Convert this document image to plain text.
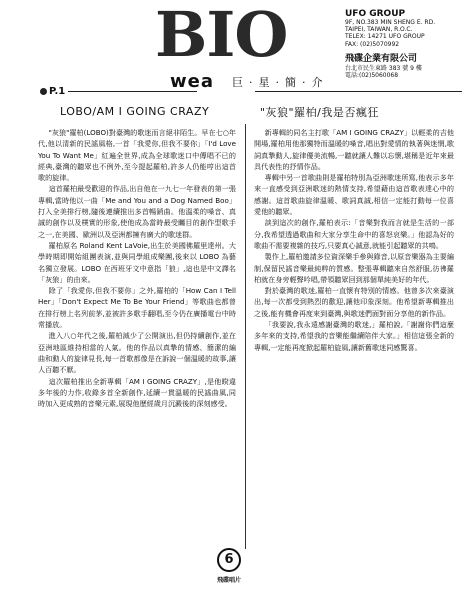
BIO
wea 巨·星·簡·介
UFO GROUP
9F, NO.383 MIN SHENG E. RD.
TAIPEI, TAIWAN, R.O.C.
TELEX: 14271 UFO GROUP
FAX: (02)5070992
飛碟企業有限公司
台北市民生東路 383 號 9 樓
電話:(02)5060068
P.1
LOBO/AM I GOING CRAZY	"灰狼"羅柏/我是否瘋狂

"灰狼"羅柏(LOBO)對臺灣的歌迷而言絕非陌生。早在七○年代,他以清新的民謠風格,一首「我愛你,但我不要你」「I'd Love You To Want Me」紅遍全世界,成為全球歌迷口中傳唱不已的經典,臺灣的聽眾也不例外,至今提起羅柏,許多人仍能哼出這首歌的旋律。

這首羅柏最受歡迎的作品,出自他在一九七一年發表的第一張專輯,當時他以一曲「Me and You and a Dog Named Boo」打入全美排行榜,隨後連續推出多首暢銷曲。他溫柔的嗓音、真誠的創作以及樸實的形象,使他成為當時最受矚目的創作型歌手之一,在美國、歐洲以及亞洲都擁有廣大的歌迷群。

羅柏原名 Roland Kent LaVoie,出生於美國佛羅里達州。大學時期即開始組團表演,並與同學組成樂團,後來以 LOBO 為藝名獨立發展。LOBO 在西班牙文中意指「狼」,這也是中文譯名「灰狼」的由來。

除了「我愛你,但我不要你」之外,羅柏的「How Can I Tell Her」「Don't Expect Me To Be Your Friend」等歌曲也都曾在排行榜上名列前茅,並被許多歌手翻唱,至今仍在廣播電台中時常播放。

進入八○年代之後,羅柏減少了公開演出,但仍持續創作,並在亞洲地區維持相當的人氣。他的作品以真摯的情感、簡潔的編曲和動人的旋律見長,每一首歌都像是在訴說一個溫暖的故事,讓人百聽不厭。

這次羅柏推出全新專輯「AM I GOING CRAZY」,是他睽違多年後的力作,收錄多首全新創作,延續一貫溫暖的民謠曲風,同時加入更成熟的音樂元素,展現他歷經歲月沉澱後的深刻感受。

新專輯的同名主打歌「AM I GOING CRAZY」以輕柔的吉他開場,羅柏用他那獨特而溫暖的嗓音,唱出對愛情的執著與迷惘,歌詞真摯動人,旋律優美流暢,一聽就讓人難以忘懷,堪稱是近年來最具代表性的抒情作品。

專輯中另一首歌曲則是羅柏特別為亞洲歌迷所寫,他表示多年來一直感受到亞洲歌迷的熱情支持,希望藉由這首歌表達心中的感謝。這首歌曲旋律溫暖、歌詞真誠,相信一定能打動每一位喜愛他的聽眾。

談到這次的創作,羅柏表示:「音樂對我而言就是生活的一部分,我希望透過歌曲和大家分享生命中的喜怒哀樂。」他認為好的歌曲不需要複雜的技巧,只要真心誠意,就能引起聽眾的共鳴。

製作上,羅柏邀請多位資深樂手參與錄音,以原音樂器為主要編制,保留民謠音樂最純粹的質感。整張專輯聽來自然舒服,彷彿羅柏就在身旁輕聲吟唱,帶領聽眾回到那個單純美好的年代。

對於臺灣的歌迷,羅柏一直懷有特別的情感。他曾多次來臺演出,每一次都受到熱烈的歡迎,讓他印象深刻。他希望新專輯推出之後,能有機會再度來到臺灣,與歌迷們面對面分享他的新作品。

「我要說,我永遠感謝臺灣的歌迷,」羅柏說,「謝謝你們這麼多年來的支持,希望我的音樂能繼續陪伴大家。」相信這張全新的專輯,一定能再度掀起羅柏旋風,讓新舊歌迷同感驚喜。

6
飛碟唱片
